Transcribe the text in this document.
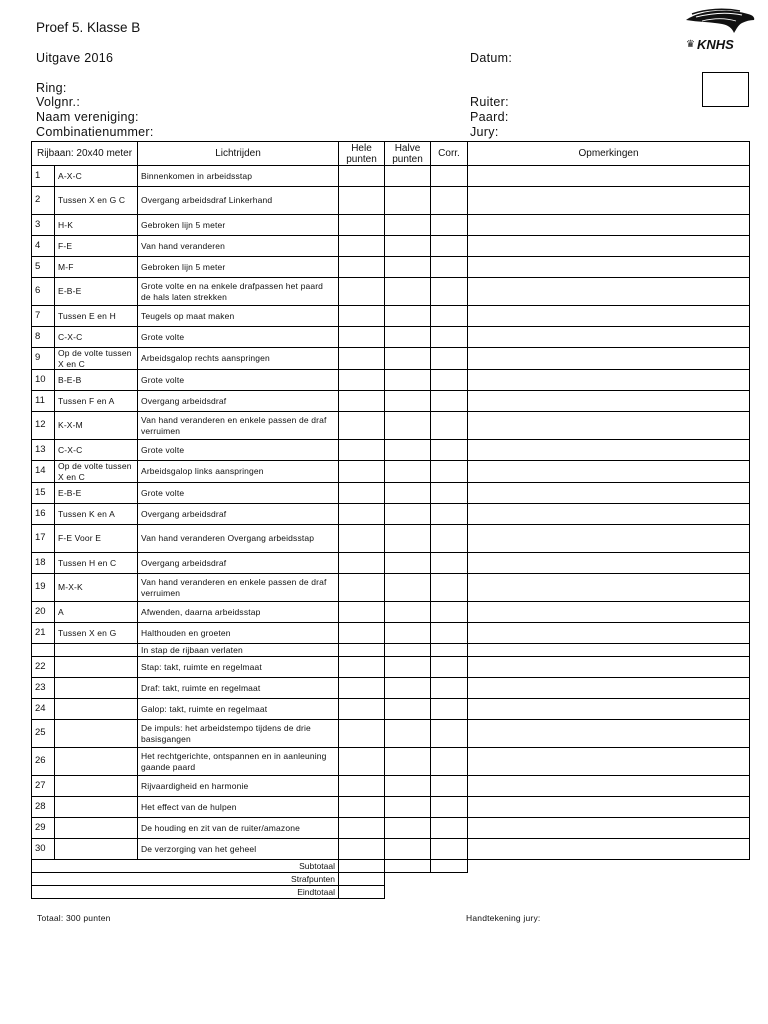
Proef 5. Klasse B
Uitgave 2016	Datum:
Ring:
Volgnr.:
Naam vereniging:
Combinatienummer:
Ruiter:
Paard:
Jury:
♛ KNHS
Rijbaan: 20x40 meter		Lichtrijden	Hele punten	Halve punten	Corr.	Opmerkingen
1	A-X-C	Binnenkomen in arbeidsstap				
2	Tussen X en G C	Overgang arbeidsdraf Linkerhand				
3	H-K	Gebroken lijn 5 meter				
4	F-E	Van hand veranderen				
5	M-F	Gebroken lijn 5 meter				
6	E-B-E	Grote volte en na enkele drafpassen het paard de hals laten strekken				
7	Tussen E en H	Teugels op maat maken				
8	C-X-C	Grote volte				
9	Op de volte tussen X en C	Arbeidsgalop rechts aanspringen				
10	B-E-B	Grote volte				
11	Tussen F en A	Overgang arbeidsdraf				
12	K-X-M	Van hand veranderen en enkele passen de draf verruimen				
13	C-X-C	Grote volte				
14	Op de volte tussen X en C	Arbeidsgalop links aanspringen				
15	E-B-E	Grote volte				
16	Tussen K en A	Overgang arbeidsdraf				
17	F-E Voor E	Van hand veranderen Overgang arbeidsstap				
18	Tussen H en C	Overgang arbeidsdraf				
19	M-X-K	Van hand veranderen en enkele passen de draf verruimen				
20	A	Afwenden, daarna arbeidsstap				
21	Tussen X en G	Halthouden en groeten				
		In stap de rijbaan verlaten				
22		Stap: takt, ruimte en regelmaat				
23		Draf: takt, ruimte en regelmaat				
24		Galop: takt, ruimte en regelmaat				
25		De impuls: het arbeidstempo tijdens de drie basisgangen				
26		Het rechtgerichte, ontspannen en in aanleuning gaande paard				
27		Rijvaardigheid en harmonie				
28		Het effect van de hulpen				
29		De houding en zit van de ruiter/amazone				
30		De verzorging van het geheel				
Subtotaal						
Strafpunten						
Eindtotaal						
Totaal: 300 punten	Handtekening jury:
